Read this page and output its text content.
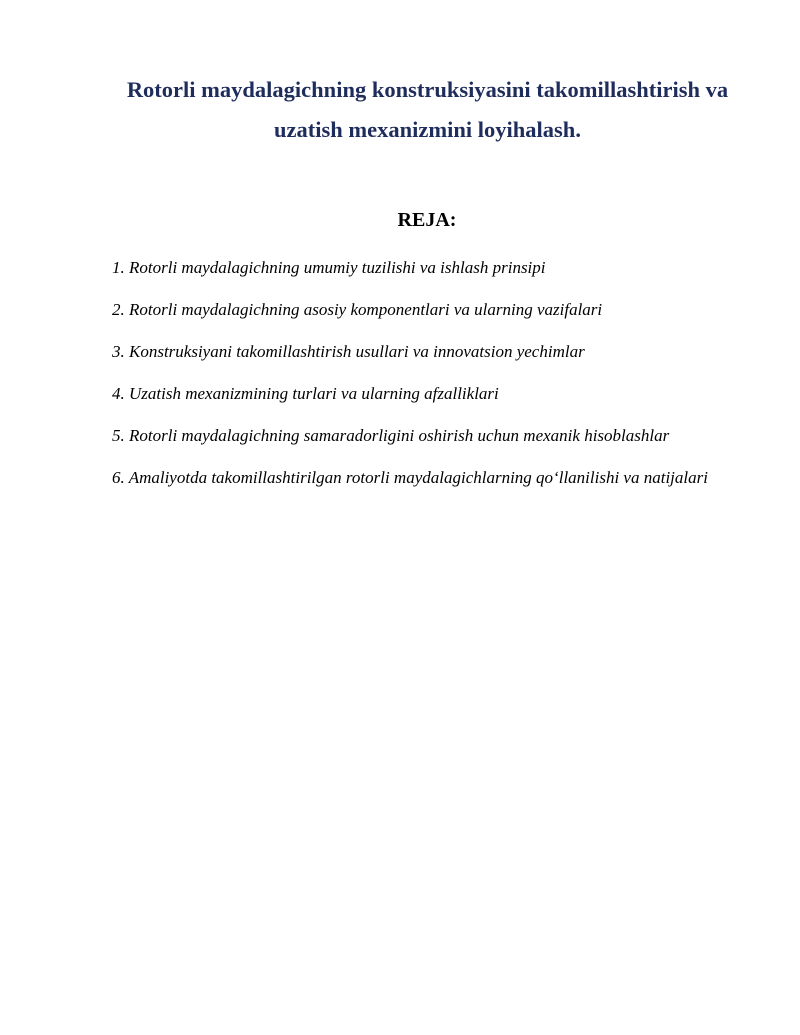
Rotorli maydalagichning konstruksiyasini takomillashtirish va
uzatish mexanizmini loyihalash.
REJA:
1. Rotorli maydalagichning umumiy tuzilishi va ishlash prinsipi
2. Rotorli maydalagichning asosiy komponentlari va ularning vazifalari
3. Konstruksiyani takomillashtirish usullari va innovatsion yechimlar
4. Uzatish mexanizmining turlari va ularning afzalliklari
5. Rotorli maydalagichning samaradorligini oshirish uchun mexanik hisoblashlar
6. Amaliyotda takomillashtirilgan rotorli maydalagichlarning qo‘llanilishi va natijalari
